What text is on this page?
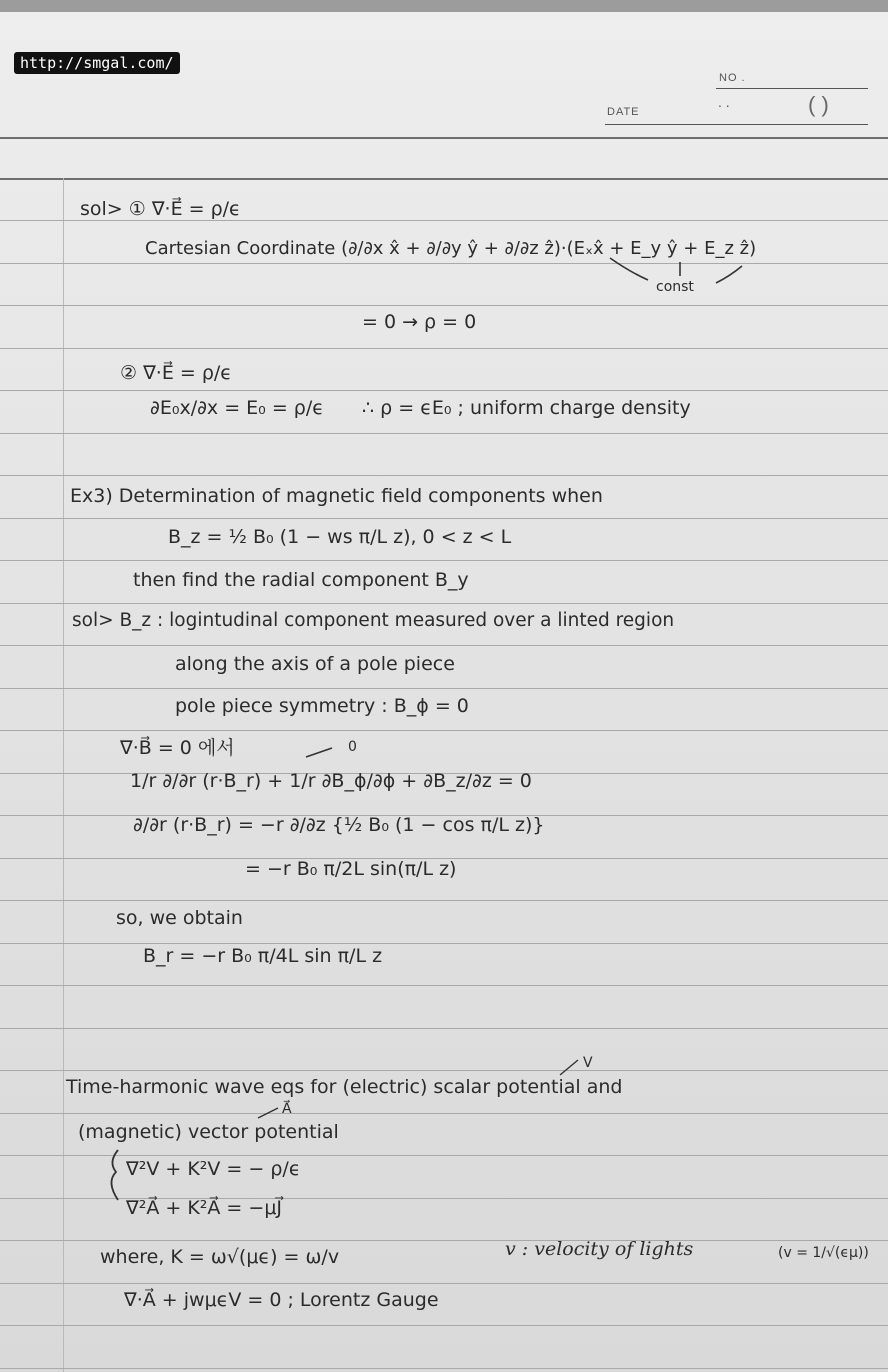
http://smgal.com/
NO .
DATE
. .	( )
sol> ① ∇·E⃗ = ρ/ϵ
Cartesian Coordinate (∂/∂x x̂ + ∂/∂y ŷ + ∂/∂z ẑ)·(Eₓx̂ + E_y ŷ + E_z ẑ)
const
= 0 → ρ = 0
② ∇·E⃗ = ρ/ϵ
∂E₀x/∂x = E₀ = ρ/ϵ ∴ ρ = ϵE₀ ; uniform charge density
Ex3) Determination of magnetic field components when
B_z = ½ B₀ (1 − ws π/L z), 0 < z < L
then find the radial component B_y
sol> B_z : logintudinal component measured over a linted region
along the axis of a pole piece
pole piece symmetry : B_ϕ = 0
0
∇·B⃗ = 0 에서
1/r ∂/∂r (r·B_r) + 1/r ∂B_ϕ/∂ϕ + ∂B_z/∂z = 0
∂/∂r (r·B_r) = −r ∂/∂z {½ B₀ (1 − cos π/L z)}
= −r B₀ π/2L sin(π/L z)
so, we obtain
B_r = −r B₀ π/4L sin π/L z
V
A⃗
Time-harmonic wave eqs for (electric) scalar potential and
(magnetic) vector potential
∇²V + K²V = − ρ/ϵ
∇²A⃗ + K²A⃗ = −μJ⃗
where, K = ω√(μϵ) = ω/v	v : velocity of lights	(v = 1/√(ϵμ))
∇·A⃗ + jwμϵV = 0 ; Lorentz Gauge
